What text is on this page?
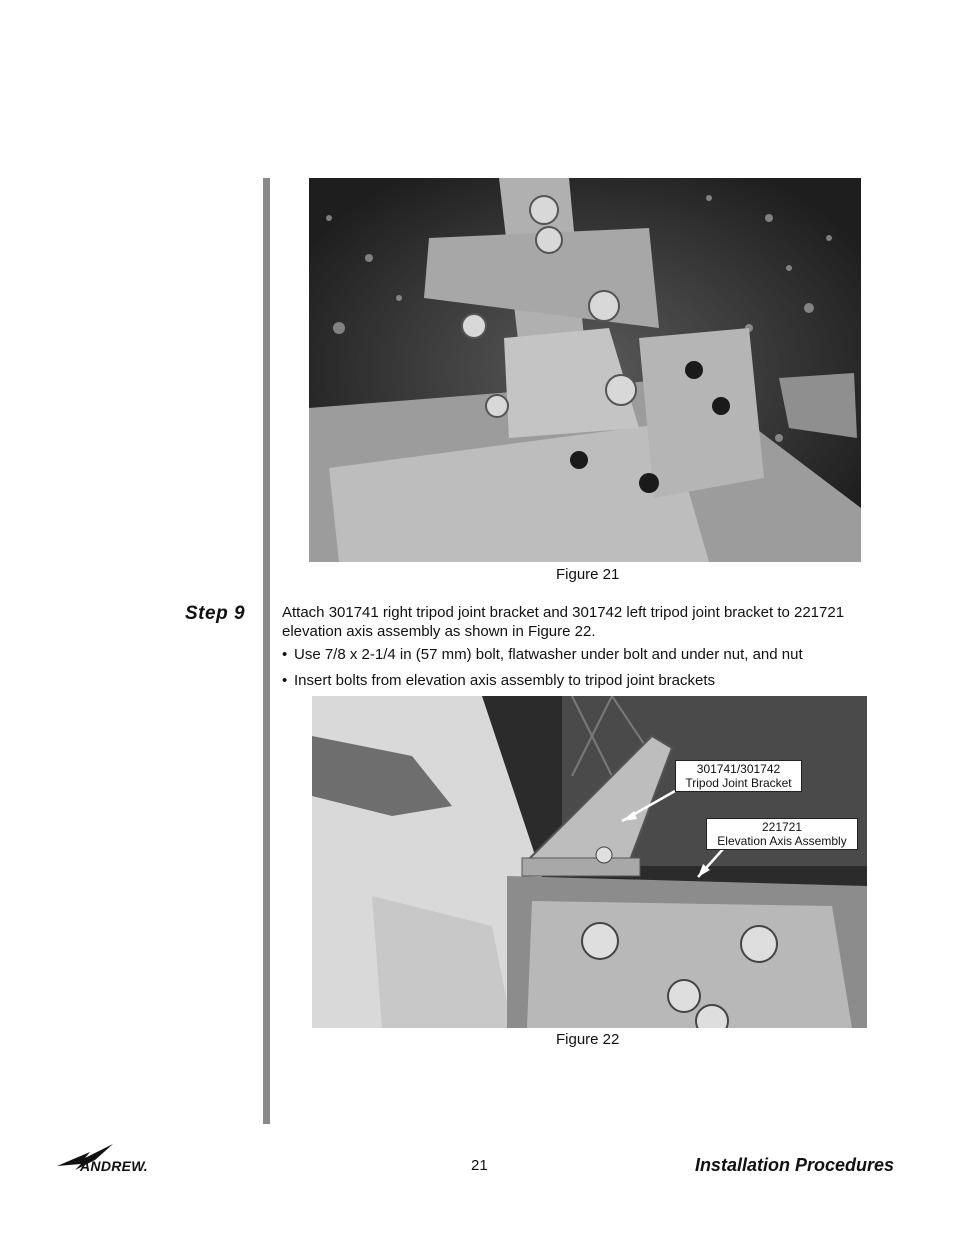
Figure 21
Step 9 Attach 301741 right tripod joint bracket and 301742 left tripod joint bracket to 221721 elevation axis assembly as shown in Figure 22.
• Use 7/8 x 2-1/4 in (57 mm) bolt, flatwasher under bolt and under nut, and nut
• Insert bolts from elevation axis assembly to tripod joint brackets
301741/301742
Tripod Joint Bracket
221721
Elevation Axis Assembly
Figure 22
ANDREW.	21	Installation Procedures
